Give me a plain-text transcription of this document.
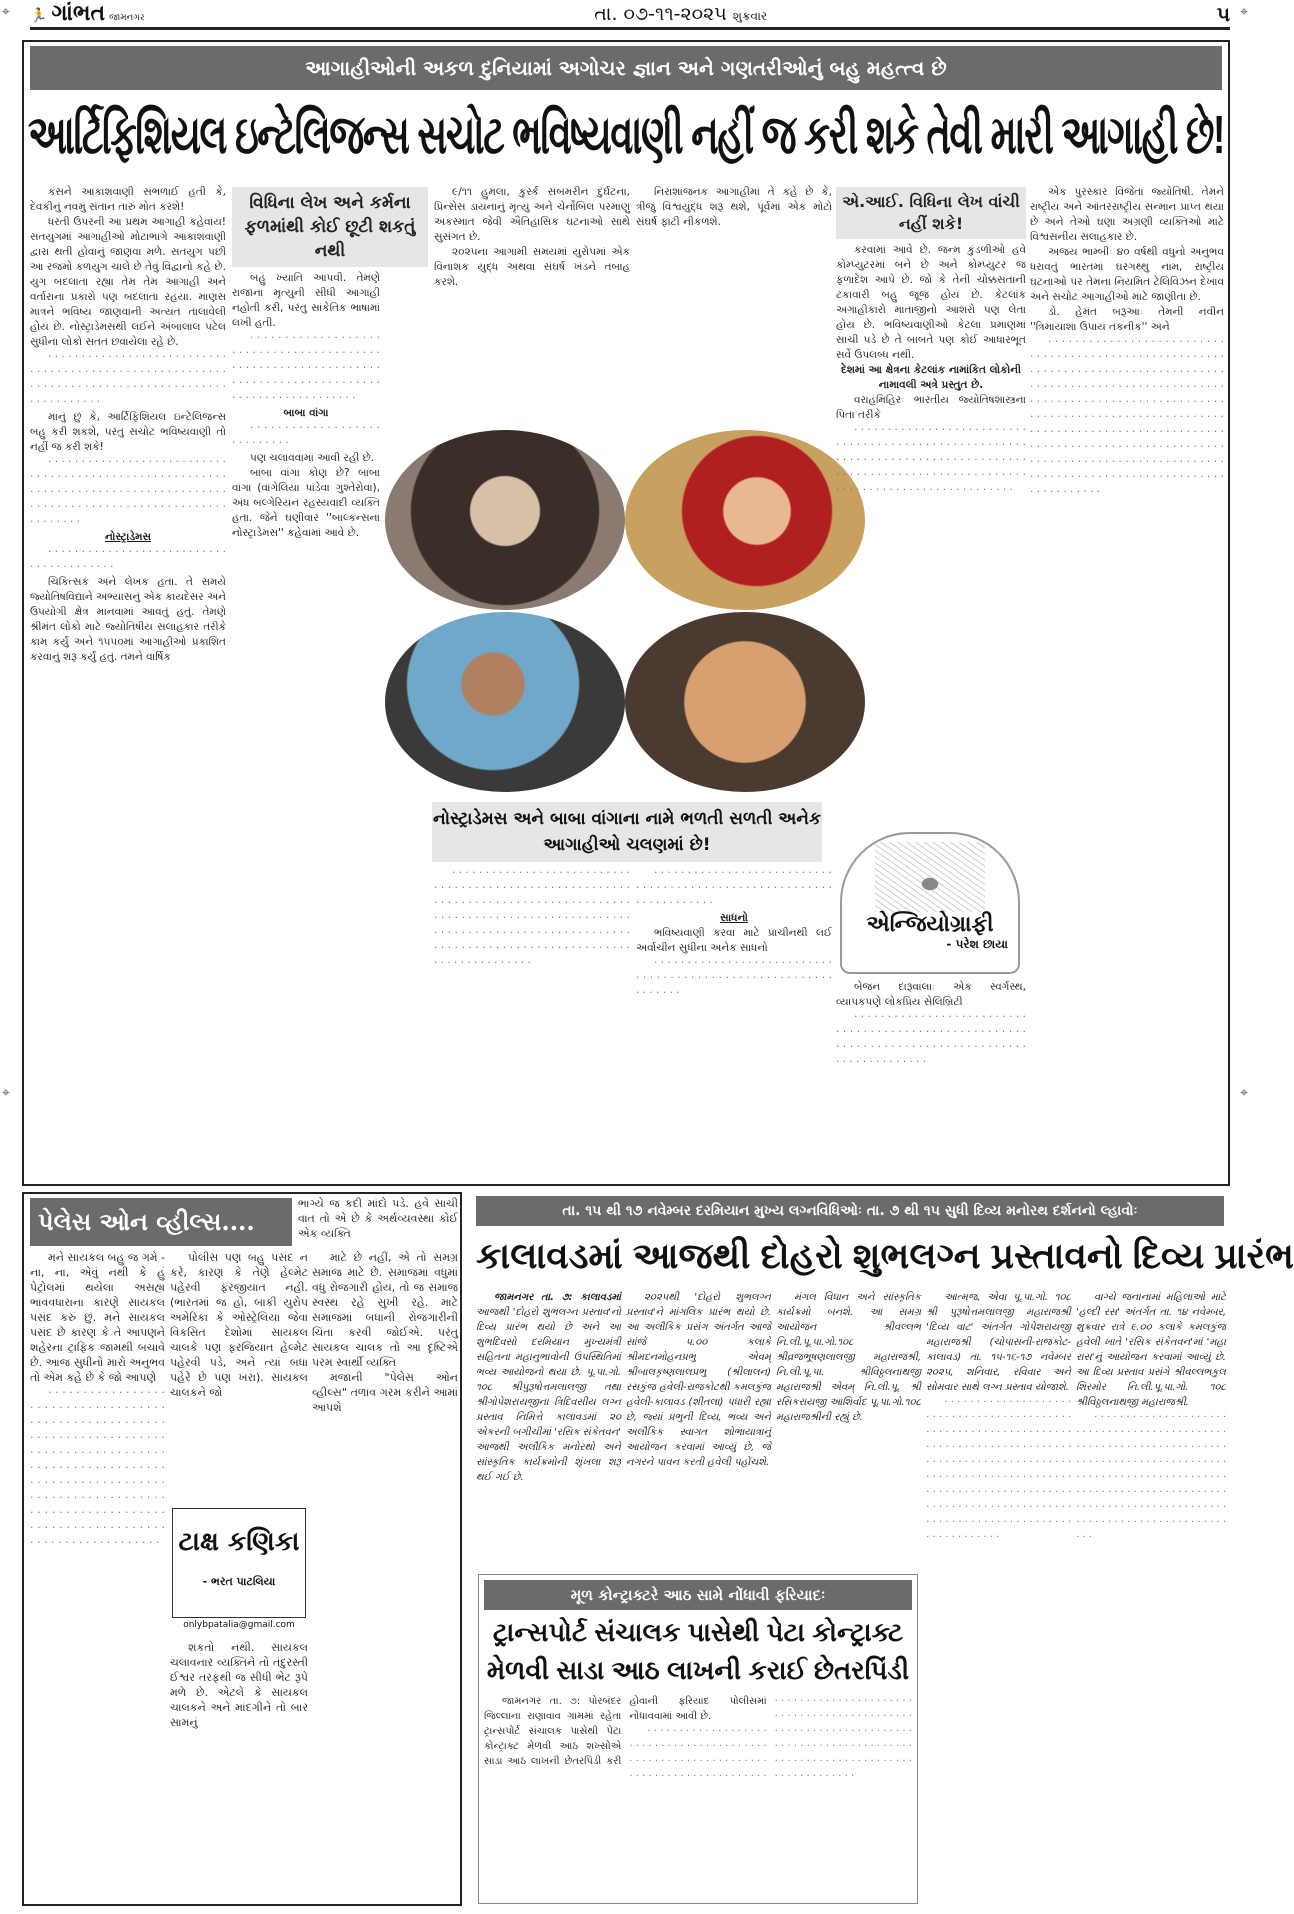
⌖	⌖
⌖	⌖
🏃 ગાંભત જામનગર	તા. ૦૭-૧૧-૨૦૨૫ શુક્રવાર	૫
આગાહીઓની અકળ દુનિયામાં અગોચર જ્ઞાન અને ગણતરીઓનું બહુ મહત્ત્વ છે
આર્ટિફિશિયલ ઇન્ટેલિજન્સ સચોટ ભવિષ્યવાણી નહીં જ કરી શકે તેવી મારી આગાહી છે!

કંસને આકાશવાણી સંભળાઈ હતી કે, દેવકીનું નવમું સંતાન તારું મોત કરશે!

ધરતી ઉપરની આ પ્રથમ આગાહી કહેવાય! સતયુગમાં આગાહીઓ મોટાભાગે આકાશવાણી દ્વારા થતી હોવાનું જાણવા મળે. સતયુગ પછી આ રજમો કળયુગ ચાલે છે તેવું વિદ્વાનો કહે છે. યુગ બદલાતા રહ્યા તેમ તેમ આગાહી અને વર્તારાના પ્રકારો પણ બદલાતા રહયા. માણસ માત્રને ભવિષ્ય જાણવાની અત્યંત તાલાવેલી હોય છે. નોસ્ટ્રાડેમસથી લઈને અંબાલાલ પટેલ સુધીના લોકો સતત છવાયેલા રહે છે.

· · · · · · · · · · · · · · · · · · · · · · · · · · · · · · · · · · · · · · · · · · · · · · · · · · · · · · · · · · · · · · · · · · · · · · · · · · · · · · · · · · · · · · · · · · · · · · · ·

માનું છું કે, આર્ટિફિશિયલ ઇન્ટેલિજન્સ બહુ કરી શકશે, પરંતુ સચોટ ભવિષ્યવાણી તો નહીં જ કરી શકે!

· · · · · · · · · · · · · · · · · · · · · · · · · · · · · · · · · · · · · · · · · · · · · · · · · · · · · · · · · · · · · · · · · · · · · · · · · · · · · · · · · · · · · · · · · · · · · · · · · · · · · · · · · · · · · · · · · · · · · · · · · ·

નોસ્ટ્રાડેમસ

· · · · · · · · · · · · · · · · · · · · · · · · · · · · · · · · · · · · · · · ·

ચિકિત્સક અને લેખક હતા. તે સમયે જ્યોતિષવિદ્યાને અભ્યાસનું એક કાયદેસર અને ઉપયોગી ક્ષેત્ર માનવામાં આવતું હતું. તેમણે શ્રીમંત લોકો માટે જ્યોતિષીય સલાહકાર તરીકે કામ કર્યું અને ૧૫૫૦માં આગાહીઓ પ્રકાશિત કરવાનું શરૂ કર્યું હતું. તમને વાર્ષિક

વિધિના લેખ અને કર્મના ફળમાંથી કોઈ છૂટી શકતું નથી

બહુ ખ્યાતિ આપવી. તેમણે રાજાના મૃત્યુની સીધી આગાહી નહોતી કરી, પરંતુ સાંકેતિક ભાષામાં લખી હતી.

· · · · · · · · · · · · · · · · · · · · · · · · · · · · · · · · · · · · · · · · · · · · · · · · · · · · · · · · · · · · · · · · · · · · · · · · · · · · · · · · · · · · · · · · · · · · · · · · · · · · · · · ·

બાબા વાંગા

· · · · · · · · · · · · · · · · · · · · · · · · · · · ·

પણ ચલાવવામાં આવી રહી છે.

બાબા વાંગા કોણ છે? બાબા વાંગા (વાંગેલિયા પાંડેવા ગુશ્તેરોવા), અંધ બલ્ગેરિયન રહસ્યવાદી વ્યક્તિ હતા. જેને ઘણીવાર ''બાલ્કન્સના નોસ્ટ્રાડેમસ'' કહેવામાં આવે છે.

૯/૧૧ હુમલા, કુર્સ્ક સબમરીન દુર્ઘટના, પ્રિન્સેસ ડાયનાનું મૃત્યુ અને ચેર્નોબિલ પરમાણુ અકસ્માત જેવી ઐતિહાસિક ઘટનાઓ સાથે સુસંગત છે.

૨૦૨૫ના આગામી સમયમાં યુરોપમાં એક વિનાશક યુદ્ધ અથવા સંઘર્ષ ખંડને તબાહ કરશે.

નિરાશાજનક આગાહીમાં તે કહે છે કે, ત્રીજું વિશ્વયુદ્ધ શરૂ થશે, પૂર્વમાં એક મોટો સંઘર્ષ ફાટી નીકળશે.

નોસ્ટ્રાડેમસ અને બાબા વાંગાના નામે ભળતી સળતી અનેક આગાહીઓ ચલણમાં છે!

· · · · · · · · · · · · · · · · · · · · · · · · · · · · · · · · · · · · · · · · · · · · · · · · · · · · · · · · · · · · · · · · · · · · · · · · · · · · · · · · · · · · · · · · · · · · · · · · · · · · · · · · · · · · · · · · · · · · · · · · · · · · · · · · · · · · · · · · · · · · · · · · · · · · · · · · · · · · · · · · · · · · · · · · · · · · · · · · · · · · · · · · · · ·

· · · · · · · · · · · · · · · · · · · · · · · · · · · · · · · · · · · · · · · · · · · · · · · · · · · · · · · · · · · · · · · · · · · ·

સાધનો

ભવિષ્યવાણી કરવા માટે પ્રાચીનથી લઈ અર્વાચીન સુધીના અનેક સાધનો

· · · · · · · · · · · · · · · · · · · · · · · · · · · · · · · · · · · · · · · · · · · · · · · · · · · · · · · · · · · · · · ·

એ.આઈ. વિધિના લેખ વાંચી નહીં શકે!

કરવામાં આવે છે. જન્મ કુંડળીઓ હવે કોમ્પ્યુટરમાં બને છે અને કોમ્પ્યુટર જ ફળાદેશ આપે છે. જો કે તેની ચોક્કસતાની ટકાવારી બહુ જૂજ હોય છે. કેટલાંક અગાહીકારો માતાજીનો આશરો પણ લેતા હોય છે. ભવિષ્યવાણીઓ કેટલા પ્રમાણમાં સાચી પડે છે તે બાબતે પણ કોઈ આધારભૂત સર્વે ઉપલબ્ધ નથી.

દેશમાં આ ક્ષેત્રના કેટલાંક નામાંકિત લોકોની નામાવલી અત્રે પ્રસ્તુત છે.

વરાહમિહિરઃ ભારતીય જ્યોતિષશાસ્ત્રના પિતા તરીકે

· · · · · · · · · · · · · · · · · · · · · · · · · · · · · · · · · · · · · · · · · · · · · · · · · · · · · · · · · · · · · · · · · · · · · · · · · · · · · · · · · · · · · · · · · · · · · · · · · · · · · · · · · · · · · · · · · · · · · · · · · · · · · · · · · · · · · · · · ·

એન્જિયોગ્રાફી
- પરેશ છાયા

બેજન દારૂવાલાઃ એક સ્વર્ગસ્થ, વ્યાપકપણે લોકપ્રિય સેલિબ્રિટી

· · · · · · · · · · · · · · · · · · · · · · · · · · · · · · · · · · · · · · · · · · · · · · · · · · · · · · · · · · · · · · · · · · · · · · · · · · · · · · · · · · · · · · · · · · · · · · · ·

એક પુરસ્કાર વિજેતા જ્યોતિષી. તેમને રાષ્ટ્રીય અને આંતરરાષ્ટ્રીય સન્માન પ્રાપ્ત થયા છે અને તેઓ ઘણા અગ્રણી વ્યક્તિઓ માટે વિશ્વસનીય સલાહકાર છે.

અજય ભામ્બીઃ ૪૦ વર્ષથી વધુનો અનુભવ ધરાવતું ભારતમાં ઘરગથ્થુ નામ, રાષ્ટ્રીય ઘટનાઓ પર તેમના નિયમિત ટેલિવિઝન દેખાવ અને સચોટ આગાહીઓ માટે જાણીતા છે.

ડો. હેમંત બરૂઆઃ તેમની નવીન ''ત્રિમાયાશા ઉપાય તકનીક'' અને

· · · · · · · · · · · · · · · · · · · · · · · · · · · · · · · · · · · · · · · · · · · · · · · · · · · · · · · · · · · · · · · · · · · · · · · · · · · · · · · · · · · · · · · · · · · · · · · · · · · · · · · · · · · · · · · · · · · · · · · · · · · · · · · · · · · · · · · · · · · · · · · · · · · · · · · · · · · · · · · · · · · · · · · · · · · · · · · · · · · · · · · · · · · · · · · · · · · · · · · · · · · · · · · · · · · · · · · · · · · · · · · · · · · · · · · · · · · · · · · · · · · · · · · · · · · · · · · · · · · · · · · · · · · · · · · · · · · · · · · · · · · · · · · · · · · · · · · · · ·

પેલેસ ઓન વ્હીલ્સ....
ભાગ્યે જ કદી માંદો પડે. હવે સાચી વાત તો એ છે કે અર્થવ્યવસ્થા કોઈ એક વ્યક્તિ

મને સાયકલ બહુ જ ગમે - ના, ના, એવું નથી કે હું પેટ્રોલમાં થયેલા અસહ્ય ભાવવધારાના કારણે સાયકલ પસંદ કરું છું. મને સાયકલ પસંદ છે કારણ કે તે આપણને શહેરના ટ્રાફિક જામથી બચાવે છે. આજ સુધીનો મારો અનુભવ તો એમ કહે છે કે જો આપણે

· · · · · · · · · · · · · · · · · · · · · · · · · · · · · · · · · · · · · · · · · · · · · · · · · · · · · · · · · · · · · · · · · · · · · · · · · · · · · · · · · · · · · · · · · · · · · · · · · · · · · · · · · · · · · · · · · · · · · · · · · · · · · · · · · · · · · · · · · · · · · · · · · · · · · · · · · · · · · · · · · · · · · · · · · · · · · · · · · · · · · · · · · · · · · · · · · · · · · · · · · · · · · · ·

પોલીસ પણ બહુ પસંદ ન કરે, કારણ કે તેણે હેલ્મેટ પહેરવી ફરજીયાત નહીં. (ભારતમાં જ હો, બાકી યુરોપ અમેરિકા કે ઓસ્ટ્રેલિયા જેવા વિકસિત દેશોમાં સાયકલ ચાલકે પણ ફરજિયાત હેલ્મેટ પહેરવી પડે, અને ત્યાં બધા પહેરે છે પણ ખરા). સાયકલ ચાલકને જો

ટાક્ષ કણિકા
- ભરત પાટલિયા
onlybpatalia@gmail.com

શકતો નથી. સાયકલ ચલાવનાર વ્યક્તિને તો તંદુરસ્તી ઈશ્વર તરફથી જ સીધી ભેટ રૂપે મળે છે. એટલે કે સાયકલ ચાલકને અને માંદગીને તો બાર સામનું

માટે છે નહીં, એ તો સમગ્ર સમાજ માટે છે. સમાજમાં વધુમાં વધુ રોજગારી હોય, તો જ સમાજ સ્વસ્થ રહે સુખી રહે. માટે સમાજમાં બધાની રોજગારીની ચિંતા કરવી જોઈએ. પરંતુ સાયકલ ચાલક તો આ દૃષ્ટિએ પરમ સ્વાર્થી વ્યક્તિ

મજાની "પેલેસ ઓન વ્હીલ્સ" તળાવ ગરમ કરીને આમાં આપશે

તા. ૧૫ થી ૧૭ નવેમ્બર દરમિયાન મુખ્ય લગ્નવિધિઓઃ તા. ૭ થી ૧૫ સુધી દિવ્ય મનોરથ દર્શનનો લ્હાવોઃ
કાલાવડમાં આજથી દોહરો શુભલગ્ન પ્રસ્તાવનો દિવ્ય પ્રારંભ

જામનગર તા. ૭: કાલાવડમાં આજથી 'દોહરો શુભલગ્ન પ્રસ્તાવ'નો દિવ્ય પ્રારંભ થયો છે અને આ શુભદિવસો દરમિયાન મુખ્યમંત્રી સહિતના મહાનુભાવોની ઉપસ્થિતિમાં ભવ્ય આયોજનો થયા છે. પૂ.પા.ગો. ૧૦૮ શ્રીપુરૂષોત્તમલાલજી તથા શ્રીગોપેશરાયજીના ત્રિદિવસીય લગ્ન પ્રસ્તાવ નિમિત્તે કાલાવડમાં ૨૦ એકરની બગીચીમાં 'રસિક સંકેતવન' આજથી અલૌકિક મનોરથો અને સાંસ્કૃતિક કાર્યક્રમોની શૃંખલા શરૂ થઈ ગઈ છે.

૨૦૨૫થી 'દોહરો શુભલગ્ન પ્રસ્તાવ'ને માંગલિક પ્રારંભ થયો છે. આ અલૌકિક પ્રસંગ અંતર્ગત આજે સાંજે ૫.૦૦ કલાકે શ્રીમદનમોહનપ્રભુ એવમ્ શ્રીબાલકૃષ્ણલાલપ્રભુ (શ્રીલાલન) રસકુંજ હવેલી-રાજકોટથી કમલકુંજ હવેલી-કાલાવડ (શીતલા) પધારી રહ્યા છે, જ્યાં પ્રભુની દિવ્ય, ભવ્ય અને અલૌકિક સ્વાગત શોભાયાત્રાનું આયોજન કરવામાં આવ્યું છે, જે નગરને પાવન કરતી હવેલી પહોંચશે.

મંગલ વિધાન અને સાંસ્કૃતિક કાર્યક્રમો બનશે. આ સમગ્ર આયોજન શ્રીવલ્લભ નિ.લી.પૂ.પા.ગો.૧૦૮ શ્રીવ્રજભૂષણલાલજી મહારાજશ્રી, નિ.લી.પૂ.પા. શ્રીવિઠ્ઠલનાથજી મહારાજશ્રી એવમ્ નિ.લી.પૂ. શ્રી રસિકરાયજી આશિર્વાદ પૂ.પા.ગો.૧૦૮ મહારાજશ્રીની રહ્યું છે.

આત્મજ, એવા પૂ.પા.ગો. ૧૦૮ શ્રી પુરૂષોત્તમલાલજી મહારાજશ્રી 'દિવ્ય વાટ' અંતર્ગત ગોપેશરાયજી મહારાજશ્રી (ચોપાસની-રાજકોટ-કાલાવડ) તા. ૧૫-૧૬-૧૭ નવેમ્બર ૨૦૨૫, શનિવાર, રવિવાર અને સોમવાર સાથે લગ્ન પ્રસ્તાવ યોજાશે.

· · · · · · · · · · · · · · · · · · · · · · · · · · · · · · · · · · · · · · · · · · · · · · · · · · · · · · · · · · · · · · · · · · · · · · · · · · · · · · · · · · · · · · · · · · · · · · · · · · · · · · · · · · · · · · · · · · · · · · · · · · · · · · · · · · · · · · · · · · · · · · · · · · · · · · · · · · · · · · · · · · · · · · · · · · · · · · · · · · · · · · · · · · · · · · · · · · · · · · · · · · · · · · · · · · · · · · · ·

વાગ્યે જનાનામાં મહિલાઓ માટે 'હલ્દી રસ' અંતર્ગત તા. ૧૪ નવેમ્બર, શુક્રવાર રાત્રે ૯.૦૦ કલાકે કમલકુંજ હવેલી ખાતે 'રસિક સંકેતવન'માં 'મહા રાસ'નું આયોજન કરવામાં આવ્યું છે. આ દિવ્ય પ્રસ્તાવ પ્રસંગે શ્રીવલ્લભકુલ શિરમોર નિ.લી.પૂ.પા.ગો. ૧૦૮ શ્રીવિઠ્ઠલનાથજી મહારાજશ્રી.

· · · · · · · · · · · · · · · · · · · · · · · · · · · · · · · · · · · · · · · · · · · · · · · · · · · · · · · · · · · · · · · · · · · · · · · · · · · · · · · · · · · · · · · · · · · · · · · · · · · · · · · · · · · · · · · · · · · · · · · · · · · · · · · · · · · · · · · · · · · · · · · · · · · · · · · · · · · · · · · · · · · · · · · · · · · · · · · · · · · · · · · · · · · · · · · ·

મૂળ કોન્ટ્રાક્ટરે આઠ સામે નોંધાવી ફરિયાદઃ
ટ્રાન્સપોર્ટ સંચાલક પાસેથી પેટા કોન્ટ્રાક્ટ
મેળવી સાડા આઠ લાખની કરાઈ છેતરપિંડી

જામનગર તા. ૭: પોરબંદર જિલ્લાના રાણાવાવ ગામમાં રહેતા ટ્રાન્સપોર્ટ સંચાલક પાસેથી પેટા કોન્ટ્રાક્ટ મેળવી આઠ શખ્સોએ સાડા આઠ લાખની છેતરપિંડી કરી હોવાની ફરિયાદ પોલીસમાં નોંધાવવામાં આવી છે.

· · · · · · · · · · · · · · · · · · · · · · · · · · · · · · · · · · · · · · · · · · · · · · · · · · · · · · · · · · · · · · · · · · · · · · · · · · · · · · · · · · · · · · · · · · · · · · · · · · · · · · · · · · · · · · · · · · · · · · · · · · · · · · · · · · · · · · · · · · · · · · · · · · · · · · · · · · · · · · · · · · · · · · · · · · · · · · · · · · · · · · · · · · · · · · · · · · · · · · · · · · · · · · · ·
